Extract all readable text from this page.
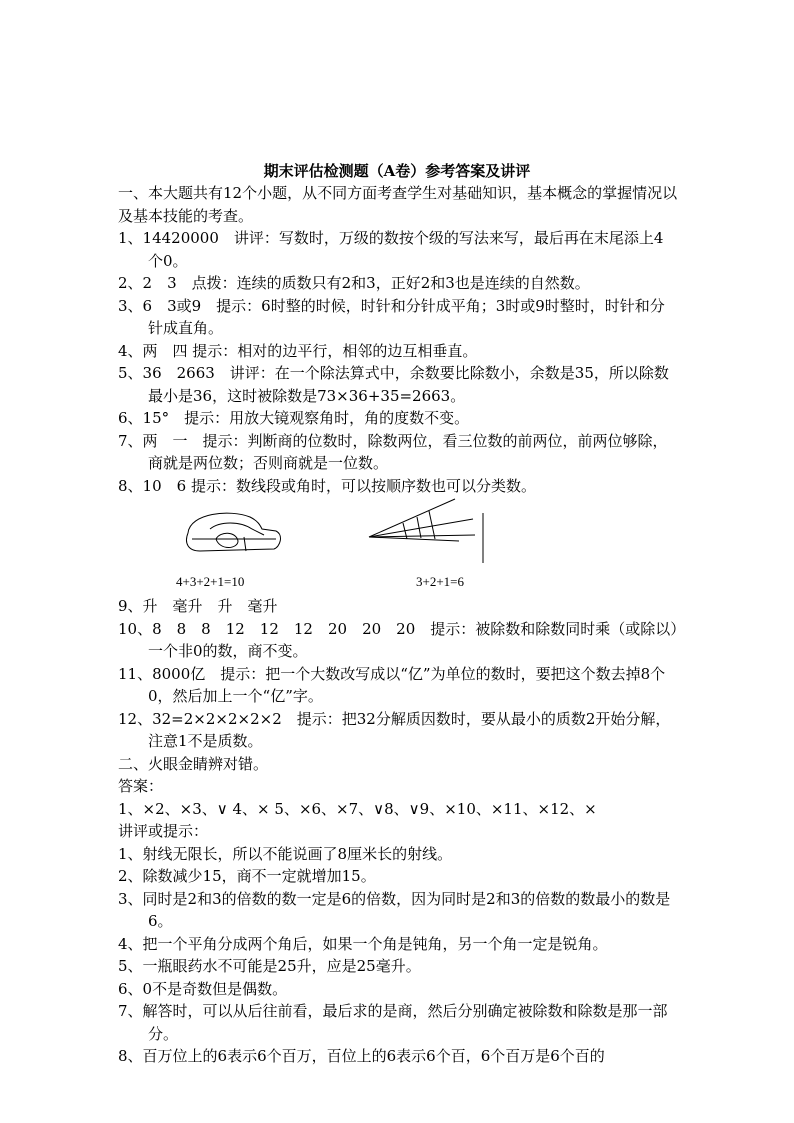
期末评估检测题（A卷）参考答案及讲评

一、本大题共有12个小题，从不同方面考查学生对基础知识，基本概念的掌握情况以及基本技能的考查。

1、14420000　讲评：写数时，万级的数按个级的写法来写，最后再在末尾添上4个0。

2、2　3　点拨：连续的质数只有2和3，正好2和3也是连续的自然数。

3、6　3或9　提示：6时整的时候，时针和分针成平角；3时或9时整时，时针和分针成直角。

4、两　四 提示：相对的边平行，相邻的边互相垂直。

5、36　2663　讲评：在一个除法算式中，余数要比除数小，余数是35，所以除数最小是36，这时被除数是73×36+35=2663。

6、15°　提示：用放大镜观察角时，角的度数不变。

7、两　一　提示：判断商的位数时，除数两位，看三位数的前两位，前两位够除，商就是两位数；否则商就是一位数。

8、10　6 提示：数线段或角时，可以按顺序数也可以分类数。

4+3+2+1=10	3+2+1=6

9、升　毫升　升　毫升

10、8　8　8　12　12　12　20　20　20　提示：被除数和除数同时乘（或除以）一个非0的数，商不变。

11、8000亿　提示：把一个大数改写成以“亿”为单位的数时，要把这个数去掉8个0，然后加上一个“亿”字。

12、32=2×2×2×2×2　提示：把32分解质因数时，要从最小的质数2开始分解，注意1不是质数。

二、火眼金睛辨对错。

答案：

1、×2、×3、∨ 4、× 5、×6、×7、∨8、∨9、×10、×11、×12、×

讲评或提示：

1、射线无限长，所以不能说画了8厘米长的射线。

2、除数减少15，商不一定就增加15。

3、同时是2和3的倍数的数一定是6的倍数，因为同时是2和3的倍数的数最小的数是6。

4、把一个平角分成两个角后，如果一个角是钝角，另一个角一定是锐角。

5、一瓶眼药水不可能是25升，应是25毫升。

6、0不是奇数但是偶数。

7、解答时，可以从后往前看，最后求的是商，然后分别确定被除数和除数是那一部分。

8、百万位上的6表示6个百万，百位上的6表示6个百，6个百万是6个百的
